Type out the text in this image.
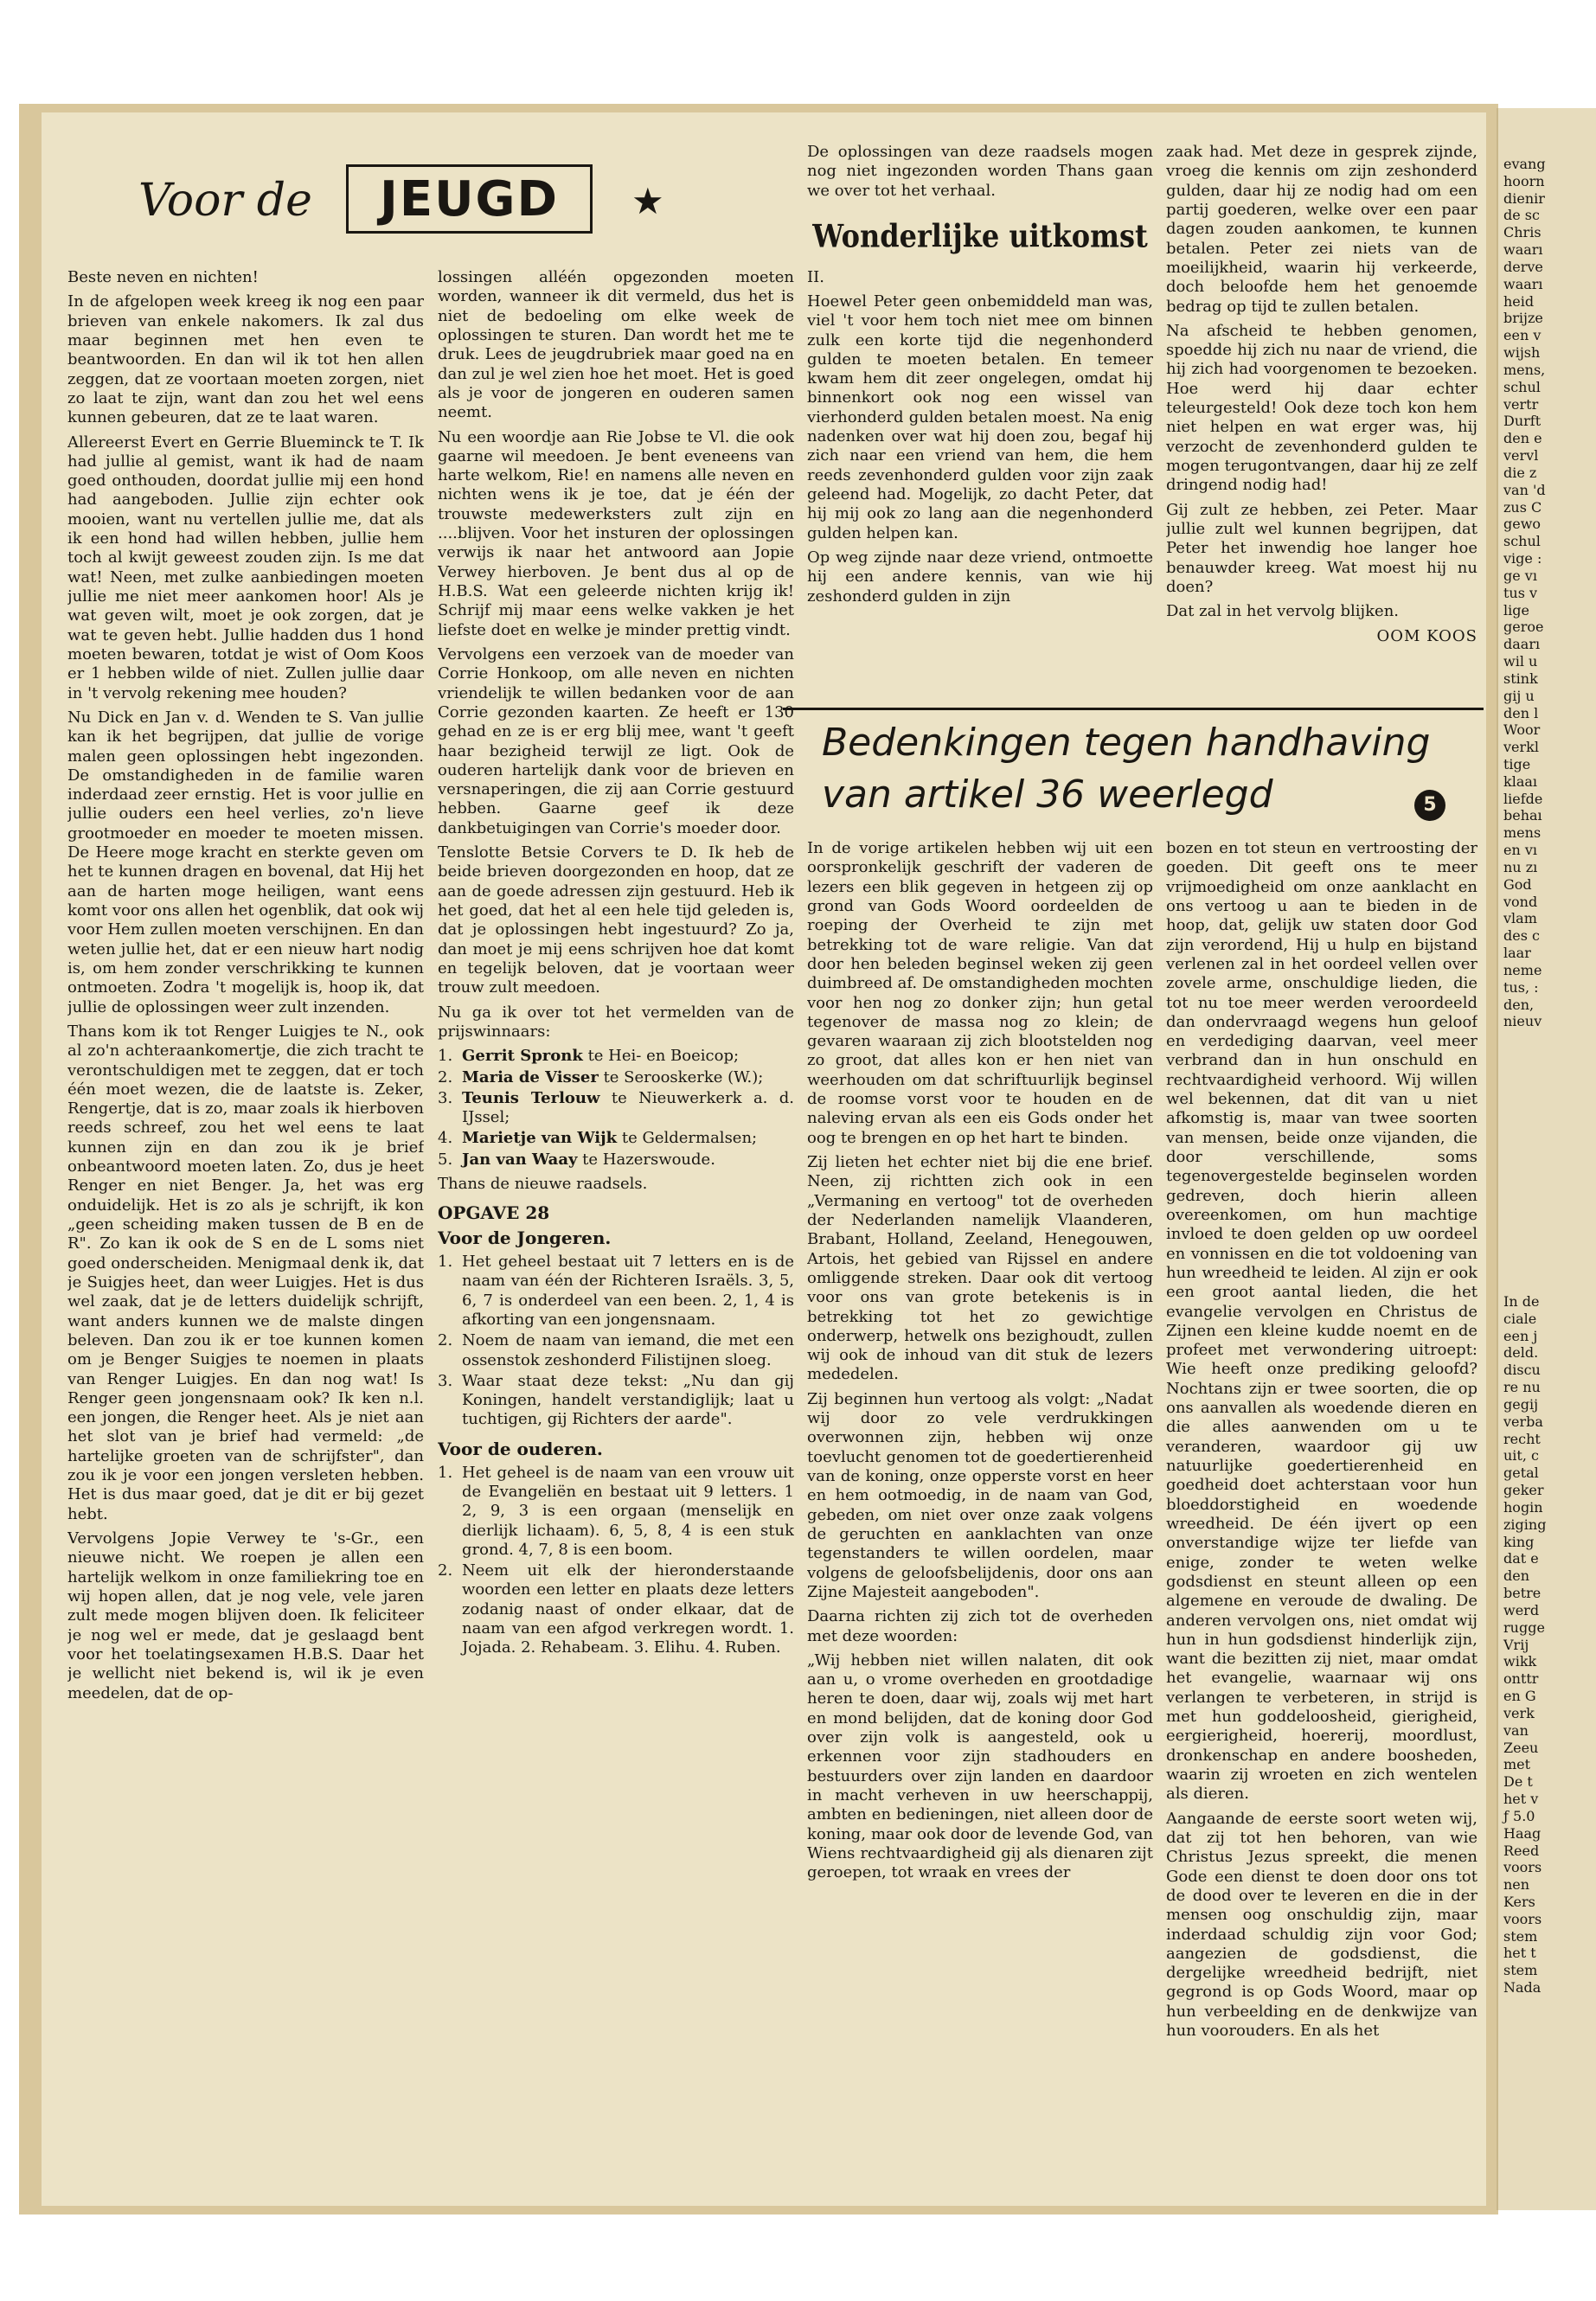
Voor de	JEUGD	★

Beste neven en nichten!

In de afgelopen week kreeg ik nog een paar brieven van enkele nakomers. Ik zal dus maar beginnen met hen even te beantwoorden. En dan wil ik tot hen allen zeggen, dat ze voortaan moeten zorgen, niet zo laat te zijn, want dan zou het wel eens kunnen gebeuren, dat ze te laat waren.

Allereerst Evert en Gerrie Blueminck te T. Ik had jullie al gemist, want ik had de naam goed onthouden, doordat jullie mij een hond had aangeboden. Jullie zijn echter ook mooien, want nu vertellen jullie me, dat als ik een hond had willen hebben, jullie hem toch al kwijt geweest zouden zijn. Is me dat wat! Neen, met zulke aanbiedingen moeten jullie me niet meer aankomen hoor! Als je wat geven wilt, moet je ook zorgen, dat je wat te geven hebt. Jullie hadden dus 1 hond moeten bewaren, totdat je wist of Oom Koos er 1 hebben wilde of niet. Zullen jullie daar in 't vervolg rekening mee houden?

Nu Dick en Jan v. d. Wenden te S. Van jullie kan ik het begrijpen, dat jullie de vorige malen geen oplossingen hebt ingezonden. De omstandigheden in de familie waren inderdaad zeer ernstig. Het is voor jullie en jullie ouders een heel verlies, zo'n lieve grootmoeder en moeder te moeten missen. De Heere moge kracht en sterkte geven om het te kunnen dragen en bovenal, dat Hij het aan de harten moge heiligen, want eens komt voor ons allen het ogenblik, dat ook wij voor Hem zullen moeten verschijnen. En dan weten jullie het, dat er een nieuw hart nodig is, om hem zonder verschrikking te kunnen ontmoeten. Zodra 't mogelijk is, hoop ik, dat jullie de oplossingen weer zult inzenden.

Thans kom ik tot Renger Luigjes te N., ook al zo'n achteraankomertje, die zich tracht te verontschuldigen met te zeggen, dat er toch één moet wezen, die de laatste is. Zeker, Rengertje, dat is zo, maar zoals ik hierboven reeds schreef, zou het wel eens te laat kunnen zijn en dan zou ik je brief onbeantwoord moeten laten. Zo, dus je heet Renger en niet Benger. Ja, het was erg onduidelijk. Het is zo als je schrijft, ik kon „geen scheiding maken tussen de B en de R". Zo kan ik ook de S en de L soms niet goed onderscheiden. Menigmaal denk ik, dat je Suigjes heet, dan weer Luigjes. Het is dus wel zaak, dat je de letters duidelijk schrijft, want anders kunnen we de malste dingen beleven. Dan zou ik er toe kunnen komen om je Benger Suigjes te noemen in plaats van Renger Luigjes. En dan nog wat! Is Renger geen jongensnaam ook? Ik ken n.l. een jongen, die Renger heet. Als je niet aan het slot van je brief had vermeld: „de hartelijke groeten van de schrijfster", dan zou ik je voor een jongen versleten hebben. Het is dus maar goed, dat je dit er bij gezet hebt.

Vervolgens Jopie Verwey te 's-Gr., een nieuwe nicht. We roepen je allen een hartelijk welkom in onze familiekring toe en wij hopen allen, dat je nog vele, vele jaren zult mede mogen blijven doen. Ik feliciteer je nog wel er mede, dat je geslaagd bent voor het toelatingsexamen H.B.S. Daar het je wellicht niet bekend is, wil ik je even meedelen, dat de op-

lossingen alléén opgezonden moeten worden, wanneer ik dit vermeld, dus het is niet de bedoeling om elke week de oplossingen te sturen. Dan wordt het me te druk. Lees de jeugdrubriek maar goed na en dan zul je wel zien hoe het moet. Het is goed als je voor de jongeren en ouderen samen neemt.

Nu een woordje aan Rie Jobse te Vl. die ook gaarne wil meedoen. Je bent eveneens van harte welkom, Rie! en namens alle neven en nichten wens ik je toe, dat je één der trouwste medewerksters zult zijn en ....blijven. Voor het insturen der oplossingen verwijs ik naar het antwoord aan Jopie Verwey hierboven. Je bent dus al op de H.B.S. Wat een geleerde nichten krijg ik! Schrijf mij maar eens welke vakken je het liefste doet en welke je minder prettig vindt.

Vervolgens een verzoek van de moeder van Corrie Honkoop, om alle neven en nichten vriendelijk te willen bedanken voor de aan Corrie gezonden kaarten. Ze heeft er 130 gehad en ze is er erg blij mee, want 't geeft haar bezigheid terwijl ze ligt. Ook de ouderen hartelijk dank voor de brieven en versnaperingen, die zij aan Corrie gestuurd hebben. Gaarne geef ik deze dankbetuigingen van Corrie's moeder door.

Tenslotte Betsie Corvers te D. Ik heb de beide brieven doorgezonden en hoop, dat ze aan de goede adressen zijn gestuurd. Heb ik het goed, dat het al een hele tijd geleden is, dat je oplossingen hebt ingestuurd? Zo ja, dan moet je mij eens schrijven hoe dat komt en tegelijk beloven, dat je voortaan weer trouw zult meedoen.

Nu ga ik over tot het vermelden van de prijswinnaars:

1. Gerrit Spronk te Hei- en Boeicop;
2. Maria de Visser te Serooskerke (W.);
3. Teunis Terlouw te Nieuwerkerk a. d. IJssel;
4. Marietje van Wijk te Geldermalsen;
5. Jan van Waay te Hazerswoude.

Thans de nieuwe raadsels.

OPGAVE 28
Voor de Jongeren.
1. Het geheel bestaat uit 7 letters en is de naam van één der Richteren Israëls. 3, 5, 6, 7 is onderdeel van een been. 2, 1, 4 is afkorting van een jongensnaam.
2. Noem de naam van iemand, die met een ossenstok zeshonderd Filistijnen sloeg.
3. Waar staat deze tekst: „Nu dan gij Koningen, handelt verstandiglijk; laat u tuchtigen, gij Richters der aarde".
Voor de ouderen.
1. Het geheel is de naam van een vrouw uit de Evangeliën en bestaat uit 9 letters. 1 2, 9, 3 is een orgaan (menselijk en dierlijk lichaam). 6, 5, 8, 4 is een stuk grond. 4, 7, 8 is een boom.
2. Neem uit elk der hieronderstaande woorden een letter en plaats deze letters zodanig naast of onder elkaar, dat de naam van een afgod verkregen wordt. 1. Jojada. 2. Rehabeam. 3. Elihu. 4. Ruben.

De oplossingen van deze raadsels mogen nog niet ingezonden worden Thans gaan we over tot het verhaal.

Wonderlijke uitkomst

II.

Hoewel Peter geen onbemiddeld man was, viel 't voor hem toch niet mee om binnen zulk een korte tijd die negenhonderd gulden te moeten betalen. En temeer kwam hem dit zeer ongelegen, omdat hij binnenkort ook nog een wissel van vierhonderd gulden betalen moest. Na enig nadenken over wat hij doen zou, begaf hij zich naar een vriend van hem, die hem reeds zevenhonderd gulden voor zijn zaak geleend had. Mogelijk, zo dacht Peter, dat hij mij ook zo lang aan die negenhonderd gulden helpen kan.

Op weg zijnde naar deze vriend, ontmoette hij een andere kennis, van wie hij zeshonderd gulden in zijn

zaak had. Met deze in gesprek zijnde, vroeg die kennis om zijn zeshonderd gulden, daar hij ze nodig had om een partij goederen, welke over een paar dagen zouden aankomen, te kunnen betalen. Peter zei niets van de moeilijkheid, waarin hij verkeerde, doch beloofde hem het genoemde bedrag op tijd te zullen betalen.

Na afscheid te hebben genomen, spoedde hij zich nu naar de vriend, die hij zich had voorgenomen te bezoeken. Hoe werd hij daar echter teleurgesteld! Ook deze toch kon hem niet helpen en wat erger was, hij verzocht de zevenhonderd gulden te mogen terugontvangen, daar hij ze zelf dringend nodig had!

Gij zult ze hebben, zei Peter. Maar jullie zult wel kunnen begrijpen, dat Peter het inwendig hoe langer hoe benauwder kreeg. Wat moest hij nu doen?

Dat zal in het vervolg blijken.

OOM KOOS
Bedenkingen tegen handhaving
van artikel 36 weerlegd	5

In de vorige artikelen hebben wij uit een oorspronkelijk geschrift der vaderen de lezers een blik gegeven in hetgeen zij op grond van Gods Woord oordeelden de roeping der Overheid te zijn met betrekking tot de ware religie. Van dat door hen beleden beginsel weken zij geen duimbreed af. De omstandigheden mochten voor hen nog zo donker zijn; hun getal tegenover de massa nog zo klein; de gevaren waaraan zij zich blootstelden nog zo groot, dat alles kon er hen niet van weerhouden om dat schriftuurlijk beginsel de roomse vorst voor te houden en de naleving ervan als een eis Gods onder het oog te brengen en op het hart te binden.

Zij lieten het echter niet bij die ene brief. Neen, zij richtten zich ook in een „Vermaning en vertoog" tot de overheden der Nederlanden namelijk Vlaanderen, Brabant, Holland, Zeeland, Henegouwen, Artois, het gebied van Rijssel en andere omliggende streken. Daar ook dit vertoog voor ons van grote betekenis is in betrekking tot het zo gewichtige onderwerp, hetwelk ons bezighoudt, zullen wij ook de inhoud van dit stuk de lezers mededelen.

Zij beginnen hun vertoog als volgt: „Nadat wij door zo vele verdrukkingen overwonnen zijn, hebben wij onze toevlucht genomen tot de goedertierenheid van de koning, onze opperste vorst en heer en hem ootmoedig, in de naam van God, gebeden, om niet over onze zaak volgens de geruchten en aanklachten van onze tegenstanders te willen oordelen, maar volgens de geloofsbelijdenis, door ons aan Zijne Majesteit aangeboden".

Daarna richten zij zich tot de overheden met deze woorden:

„Wij hebben niet willen nalaten, dit ook aan u, o vrome overheden en grootdadige heren te doen, daar wij, zoals wij met hart en mond belijden, dat de koning door God over zijn volk is aangesteld, ook u erkennen voor zijn stadhouders en bestuurders over zijn landen en daardoor in macht verheven in uw heerschappij, ambten en bedieningen, niet alleen door de koning, maar ook door de levende God, van Wiens rechtvaardigheid gij als dienaren zijt geroepen, tot wraak en vrees der

bozen en tot steun en vertroosting der goeden. Dit geeft ons te meer vrijmoedigheid om onze aanklacht en ons vertoog u aan te bieden in de hoop, dat, gelijk uw staten door God zijn verordend, Hij u hulp en bijstand verlenen zal in het oordeel vellen over zovele arme, onschuldige lieden, die tot nu toe meer werden veroordeeld dan ondervraagd wegens hun geloof en verdediging daarvan, veel meer verbrand dan in hun onschuld en rechtvaardigheid verhoord. Wij willen wel bekennen, dat dit van u niet afkomstig is, maar van twee soorten van mensen, beide onze vijanden, die door verschillende, soms tegenovergestelde beginselen worden gedreven, doch hierin alleen overeenkomen, om hun machtige invloed te doen gelden op uw oordeel en vonnissen en die tot voldoening van hun wreedheid te leiden. Al zijn er ook een groot aantal lieden, die het evangelie vervolgen en Christus de Zijnen een kleine kudde noemt en de profeet met verwondering uitroept: Wie heeft onze prediking geloofd? Nochtans zijn er twee soorten, die op ons aanvallen als woedende dieren en die alles aanwenden om u te veranderen, waardoor gij uw natuurlijke goedertierenheid en goedheid doet achterstaan voor hun bloeddorstigheid en woedende wreedheid. De één ijvert op een onverstandige wijze ter liefde van enige, zonder te weten welke godsdienst en steunt alleen op een algemene en veroude de dwaling. De anderen vervolgen ons, niet omdat wij hun in hun godsdienst hinderlijk zijn, want die bezitten zij niet, maar omdat het evangelie, waarnaar wij ons verlangen te verbeteren, in strijd is met hun goddeloosheid, gierigheid, eergierigheid, hoererij, moordlust, dronkenschap en andere boosheden, waarin zij wroeten en zich wentelen als dieren.

Aangaande de eerste soort weten wij, dat zij tot hen behoren, van wie Christus Jezus spreekt, die menen Gode een dienst te doen door ons tot de dood over te leveren en die in der mensen oog onschuldig zijn, maar inderdaad schuldig zijn voor God; aangezien de godsdienst, die dergelijke wreedheid bedrijft, niet gegrond is op Gods Woord, maar op hun verbeelding en de denkwijze van hun voorouders. En als het

evang
hoorn
dienir
de sc
Chris
waarı
derve
waarı
heid
brijze
een v
wijsh
mens,
schul
vertr
Durft
den e
vervl
die z
van 'd
zus C
gewo
schul
vige :
ge vı
tus v
lige
geroe
daarı
wil u
stink
gij u
den l
Woor
verkl
tige
klaaı
liefde
behaı
mens
en vı
nu zı
God
vond
vlam
des c
laar
neme
tus, :
den,
nieuv
In de
ciale
een j
deld.
discu
re nu
gegij
verba
recht
uit, c
getal
geker
hogin
ziging
king
dat e
den
betre
werd
rugge
Vrij
wikk
onttr
en G
verk
van
Zeeu
met
De t
het v
ƒ 5.0
Haag
Reed
voors
nen
Kers
voors
stem
het t
stem
Nada
